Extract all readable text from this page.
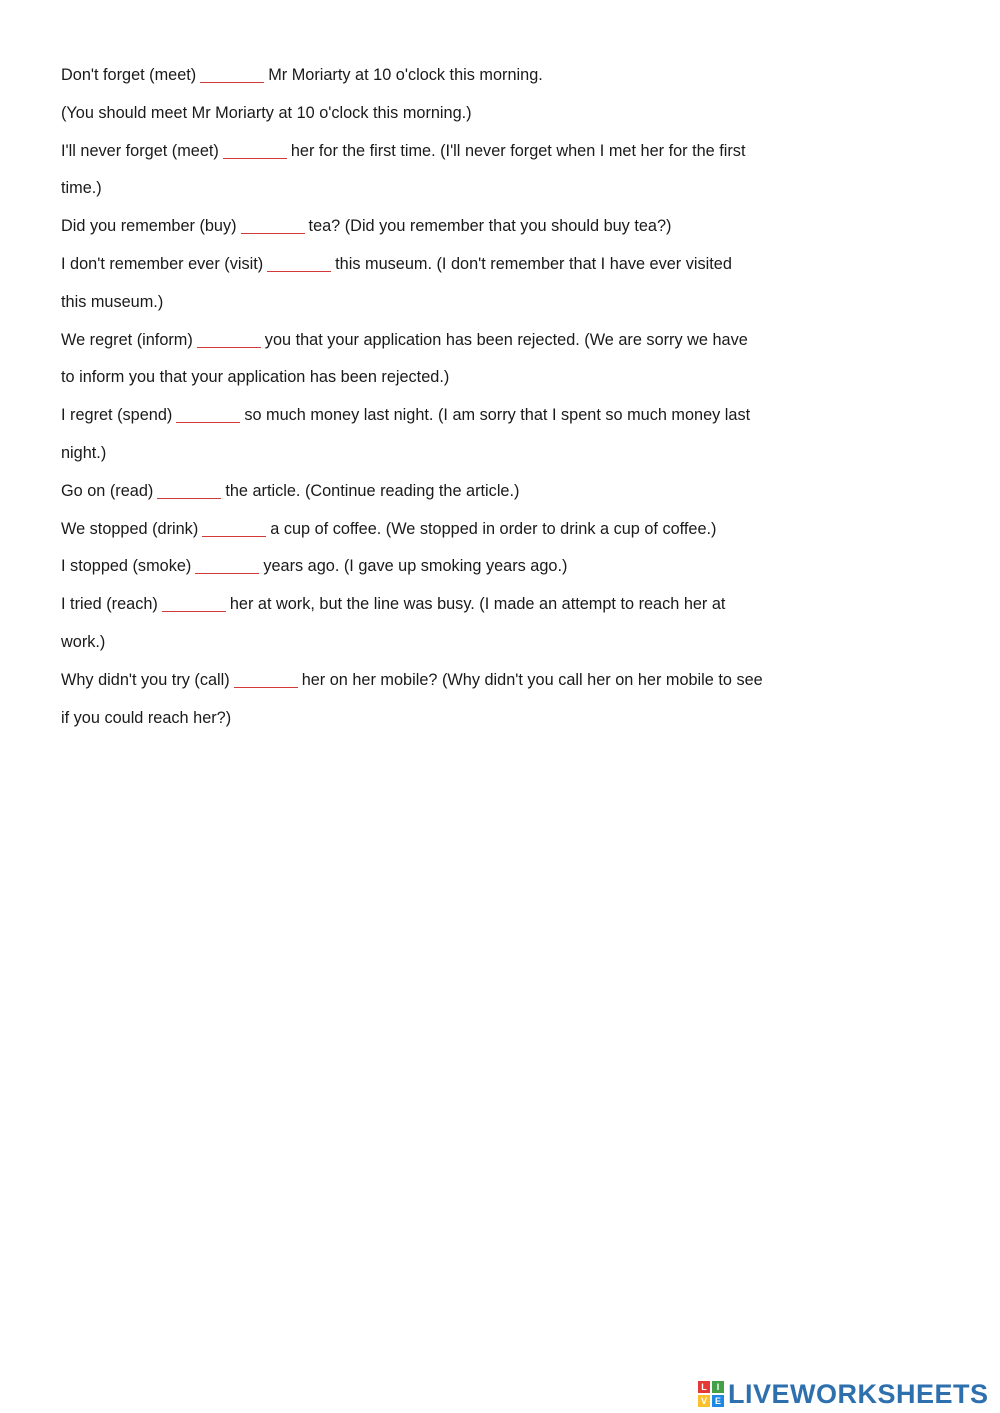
Don't forget (meet)	Mr Moriarty at 10 o'clock this morning.
(You should meet Mr Moriarty at 10 o'clock this morning.)
I'll never forget (meet)	her for the first time. (I'll never forget when I met her for the first
time.)
Did you remember (buy)	tea? (Did you remember that you should buy tea?)
I don't remember ever (visit)	this museum. (I don't remember that I have ever visited
this museum.)
We regret (inform)	you that your application has been rejected. (We are sorry we have
to inform you that your application has been rejected.)
I regret (spend)	so much money last night. (I am sorry that I spent so much money last
night.)
Go on (read)	the article. (Continue reading the article.)
We stopped (drink)	a cup of coffee. (We stopped in order to drink a cup of coffee.)
I stopped (smoke)	years ago. (I gave up smoking years ago.)
I tried (reach)	her at work, but the line was busy. (I made an attempt to reach her at
work.)
Why didn't you try (call)	her on her mobile? (Why didn't you call her on her mobile to see
if you could reach her?)
L	I
V E LIVEWORKSHEETS
